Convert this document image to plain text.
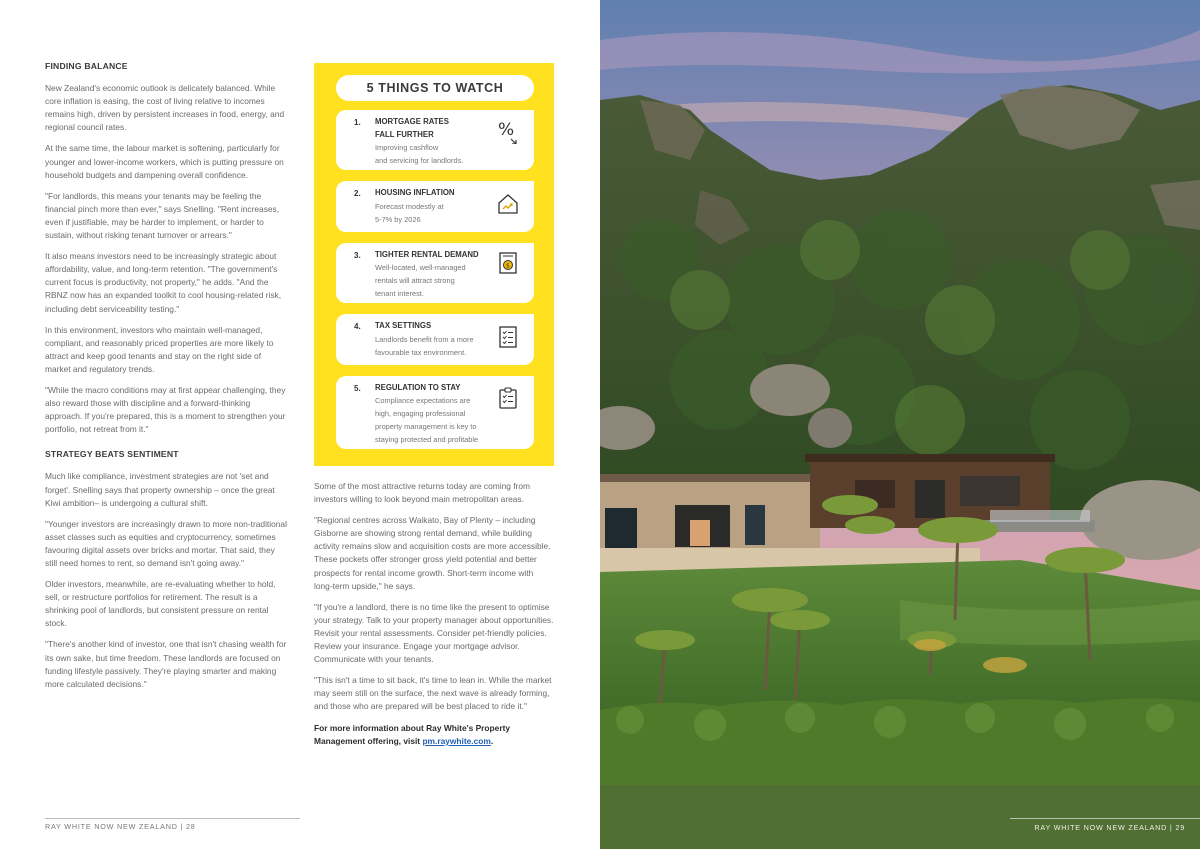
FINDING BALANCE

New Zealand's economic outlook is delicately balanced. While core inflation is easing, the cost of living relative to incomes remains high, driven by persistent increases in food, energy, and regional council rates.

At the same time, the labour market is softening, particularly for younger and lower-income workers, which is putting pressure on household budgets and dampening overall confidence.

"For landlords, this means your tenants may be feeling the financial pinch more than ever," says Snelling. "Rent increases, even if justifiable, may be harder to implement, or harder to sustain, without risking tenant turnover or arrears."

It also means investors need to be increasingly strategic about affordability, value, and long-term retention. "The government's current focus is productivity, not property," he adds. "And the RBNZ now has an expanded toolkit to cool housing-related risk, including debt serviceability testing."

In this environment, investors who maintain well-managed, compliant, and reasonably priced properties are more likely to attract and keep good tenants and stay on the right side of market and regulatory trends.

"While the macro conditions may at first appear challenging, they also reward those with discipline and a forward-thinking approach. If you're prepared, this is a moment to strengthen your portfolio, not retreat from it."

STRATEGY BEATS SENTIMENT

Much like compliance, investment strategies are not 'set and forget'. Snelling says that property ownership – once the great Kiwi ambition– is undergoing a cultural shift.

"Younger investors are increasingly drawn to more non-traditional asset classes such as equities and cryptocurrency, sometimes favouring digital assets over bricks and mortar. That said, they still need homes to rent, so demand isn't going away."

Older investors, meanwhile, are re-evaluating whether to hold, sell, or restructure portfolios for retirement. The result is a shrinking pool of landlords, but consistent pressure on rental stock.

"There's another kind of investor, one that isn't chasing wealth for its own sake, but time freedom. These landlords are focused on funding lifestyle passively. They're playing smarter and making more calculated decisions."

5 THINGS TO WATCH
1. MORTGAGE RATES
FALL FURTHER
Improving cashflow
and servicing for landlords.
%
2. HOUSING INFLATION
Forecast modestly at
5-7% by 2026
3. TIGHTER RENTAL DEMAND
Well-located, well-managed
rentals will attract strong
tenant interest.
$
4. TAX SETTINGS
Landlords benefit from a more
favourable tax environment.
5. REGULATION TO STAY
Compliance expectations are
high, engaging professional
property management is key to
staying protected and profitable

Some of the most attractive returns today are coming from investors willing to look beyond main metropolitan areas.

"Regional centres across Waikato, Bay of Plenty – including Gisborne are showing strong rental demand, while building activity remains slow and acquisition costs are more accessible. These pockets offer stronger gross yield potential and better prospects for rental income growth. Short-term income with long-term upside," he says.

"If you're a landlord, there is no time like the present to optimise your strategy. Talk to your property manager about opportunities. Revisit your rental assessments. Consider pet-friendly policies. Review your insurance. Engage your mortgage advisor. Communicate with your tenants.

"This isn't a time to sit back, it's time to lean in. While the market may seem still on the surface, the next wave is already forming, and those who are prepared will be best placed to ride it."

For more information about Ray White's Property Management offering, visit pm.raywhite.com.

RAY WHITE NOW NEW ZEALAND | 28	RAY WHITE NOW NEW ZEALAND | 29
